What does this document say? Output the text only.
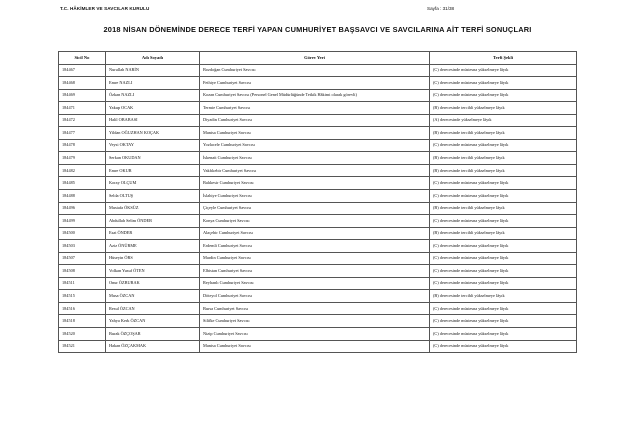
T.C. HÂKİMLER VE SAVCILAR KURULU	Sayfa : 31/38
2018 NİSAN DÖNEMİNDE DERECE TERFİ YAPAN CUMHURİYET BAŞSAVCI VE SAVCILARINA AİT TERFİ SONUÇLARI
Sicil No	Adı Soyadı	Görev Yeri	Terfi Şekli
184467	Nurullah NARİN	Bozdoğan Cumhuriyet Savcısı	(C) derecesinde müstesna yükselmeye lâyık
184468	Emre NAZLI	Fethiye Cumhuriyet Savcısı	(C) derecesinde müstesna yükselmeye lâyık
184469	Özkan NAZLI	Kozan Cumhuriyet Savcısı (Personel Genel Müdürlüğünde Tetkik Hâkimi olarak görevli)	(C) derecesinde müstesna yükselmeye lâyık
184471	Yakup OCAK	Termie Cumhuriyet Savcısı	(B) derecesinde tercihli yükselmeye lâyık
184472	Halil OBABASI	Diyadin Cumhuriyet Savcısı	(A) derecesinde yükselmeye lâyık
184477	Yildan OĞUZHAN KOÇAK	Manisa Cumhuriyet Savcısı	(B) derecesinde tercihli yükselmeye lâyık
184478	Veysi OKTAY	Yozlacele Cumhuriyet Savcısı	(C) derecesinde müstesna yükselmeye lâyık
184479	Serkan OKUDAN	İskenait Cumhuriyet Savcısı	(B) derecesinde tercihli yükselmeye lâyık
184482	Emre OKUR	Vakfıkebir Cumhuriyet Savcısı	(B) derecesinde tercihli yükselmeye lâyık
184485	Koray OLÇUM	Balıkesir Cumhuriyet Savcısı	(C) derecesinde müstesna yükselmeye lâyık
184488	Selda OLTUŞ	İslahiye Cumhuriyet Savcısı	(C) derecesinde müstesna yükselmeye lâyık
184496	Mustafa ÖKSÜZ	Çiçeyle Cumhuriyet Savcısı	(B) derecesinde tercihli yükselmeye lâyık
184499	Abdullah Selim ÖNDER	Konya Cumhuriyet Savcısı	(C) derecesinde müstesna yükselmeye lâyık
184500	Esat ÖNDER	Alaçehir Cumhuriyet Savcısı	(B) derecesinde tercihli yükselmeye lâyık
184503	Aziz ÖNÜRME	Erdemli Cumhuriyet Savcısı	(C) derecesinde müstesna yükselmeye lâyık
184507	Hüseyin ÖRS	Mardin Cumhuriyet Savcısı	(C) derecesinde müstesna yükselmeye lâyık
184508	Volkan Yusuf ÖTEN	Elbistan Cumhuriyet Savcısı	(C) derecesinde müstesna yükselmeye lâyık
184511	Onur ÖZBURAK	Reyhanlı Cumhuriyet Savcısı	(C) derecesinde müstesna yükselmeye lâyık
184515	Musa ÖZCAN	Döteyol Cumhuriyet Savcısı	(B) derecesinde tercihli yükselmeye lâyık
184516	Resul ÖZCAN	Bursa Cumhuriyet Savcısı	(C) derecesinde müstesna yükselmeye lâyık
184518	Yahya Kerk ÖZCAN	Silifke Cumhuriyet Savcısı	(C) derecesinde müstesna yükselmeye lâyık
184520	Burak ÖZÇOŞAR	Nizip Cumhuriyet Savcısı	(C) derecesinde müstesna yükselmeye lâyık
184521	Hakan ÖZÇAKMAK	Manisa Cumhuriyet Savcısı	(C) derecesinde müstesna yükselmeye lâyık
